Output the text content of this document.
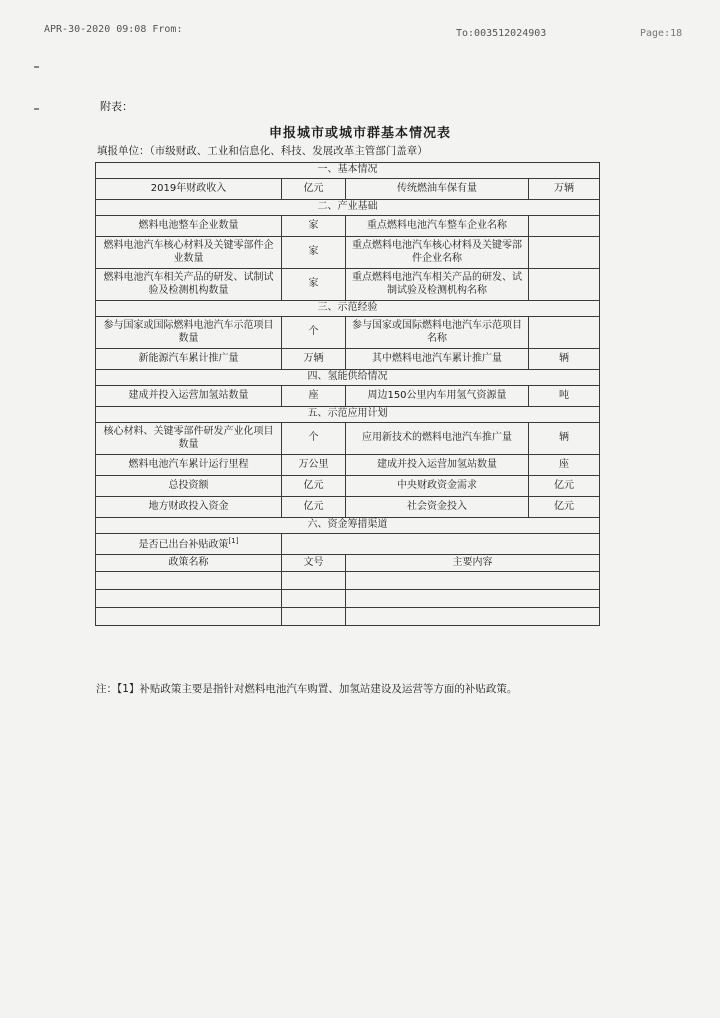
APR-30-2020 09:08 From:	To:003512024903	Page:18
附表：
申报城市或城市群基本情况表
填报单位：（市级财政、工业和信息化、科技、发展改革主管部门盖章）
一、基本情况			
2019年财政收入	亿元	传统燃油车保有量	万辆
二、产业基础			
燃料电池整车企业数量	家	重点燃料电池汽车整车企业名称	
燃料电池汽车核心材料及关键零部件企业数量	家	重点燃料电池汽车核心材料及关键零部件企业名称	
燃料电池汽车相关产品的研发、试制试验及检测机构数量	家	重点燃料电池汽车相关产品的研发、试制试验及检测机构名称	
三、示范经验			
参与国家或国际燃料电池汽车示范项目数量	个	参与国家或国际燃料电池汽车示范项目名称	
新能源汽车累计推广量	万辆	其中燃料电池汽车累计推广量	辆
四、氢能供给情况			
建成并投入运营加氢站数量	座	周边150公里内车用氢气资源量	吨
五、示范应用计划			
核心材料、关键零部件研发产业化项目数量	个	应用新技术的燃料电池汽车推广量	辆
燃料电池汽车累计运行里程	万公里	建成并投入运营加氢站数量	座
总投资额	亿元	中央财政资金需求	亿元
地方财政投入资金	亿元	社会资金投入	亿元
六、资金筹措渠道			
是否已出台补贴政策[1]	
政策名称	文号	主要内容	

注：【1】补贴政策主要是指针对燃料电池汽车购置、加氢站建设及运营等方面的补贴政策。
